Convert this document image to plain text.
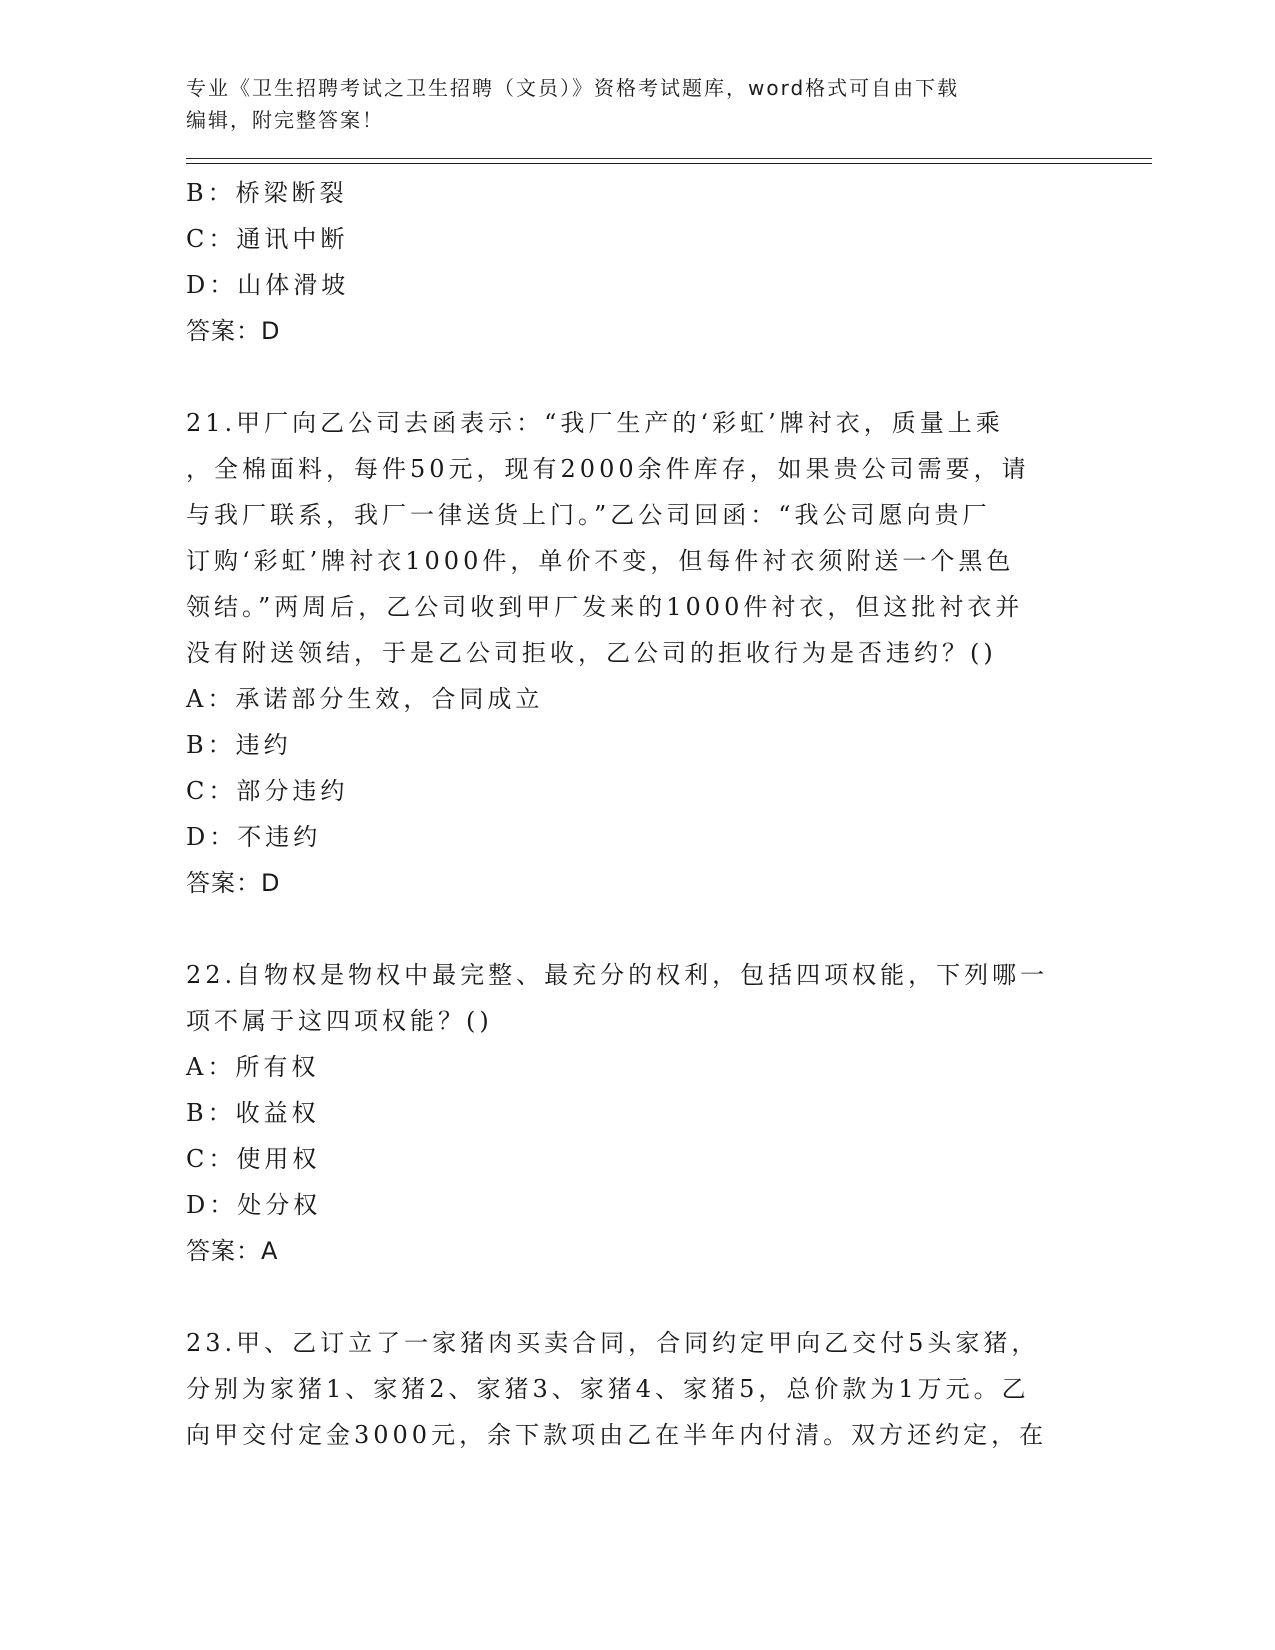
专业《卫生招聘考试之卫生招聘（文员）》资格考试题库，word格式可自由下载
编辑，附完整答案！

B：桥梁断裂

C：通讯中断

D：山体滑坡

答案：D

21.甲厂向乙公司去函表示：“我厂生产的‘彩虹’牌衬衣，质量上乘

，全棉面料，每件50元，现有2000余件库存，如果贵公司需要，请

与我厂联系，我厂一律送货上门。”乙公司回函：“我公司愿向贵厂

订购‘彩虹’牌衬衣1000件，单价不变，但每件衬衣须附送一个黑色

领结。”两周后，乙公司收到甲厂发来的1000件衬衣，但这批衬衣并

没有附送领结，于是乙公司拒收，乙公司的拒收行为是否违约？()

A：承诺部分生效，合同成立

B：违约

C：部分违约

D：不违约

答案：D

22.自物权是物权中最完整、最充分的权利，包括四项权能，下列哪一

项不属于这四项权能？()

A：所有权

B：收益权

C：使用权

D：处分权

答案：A

23.甲、乙订立了一家猪肉买卖合同，合同约定甲向乙交付5头家猪，

分别为家猪1、家猪2、家猪3、家猪4、家猪5，总价款为1万元。乙

向甲交付定金3000元，余下款项由乙在半年内付清。双方还约定，在
